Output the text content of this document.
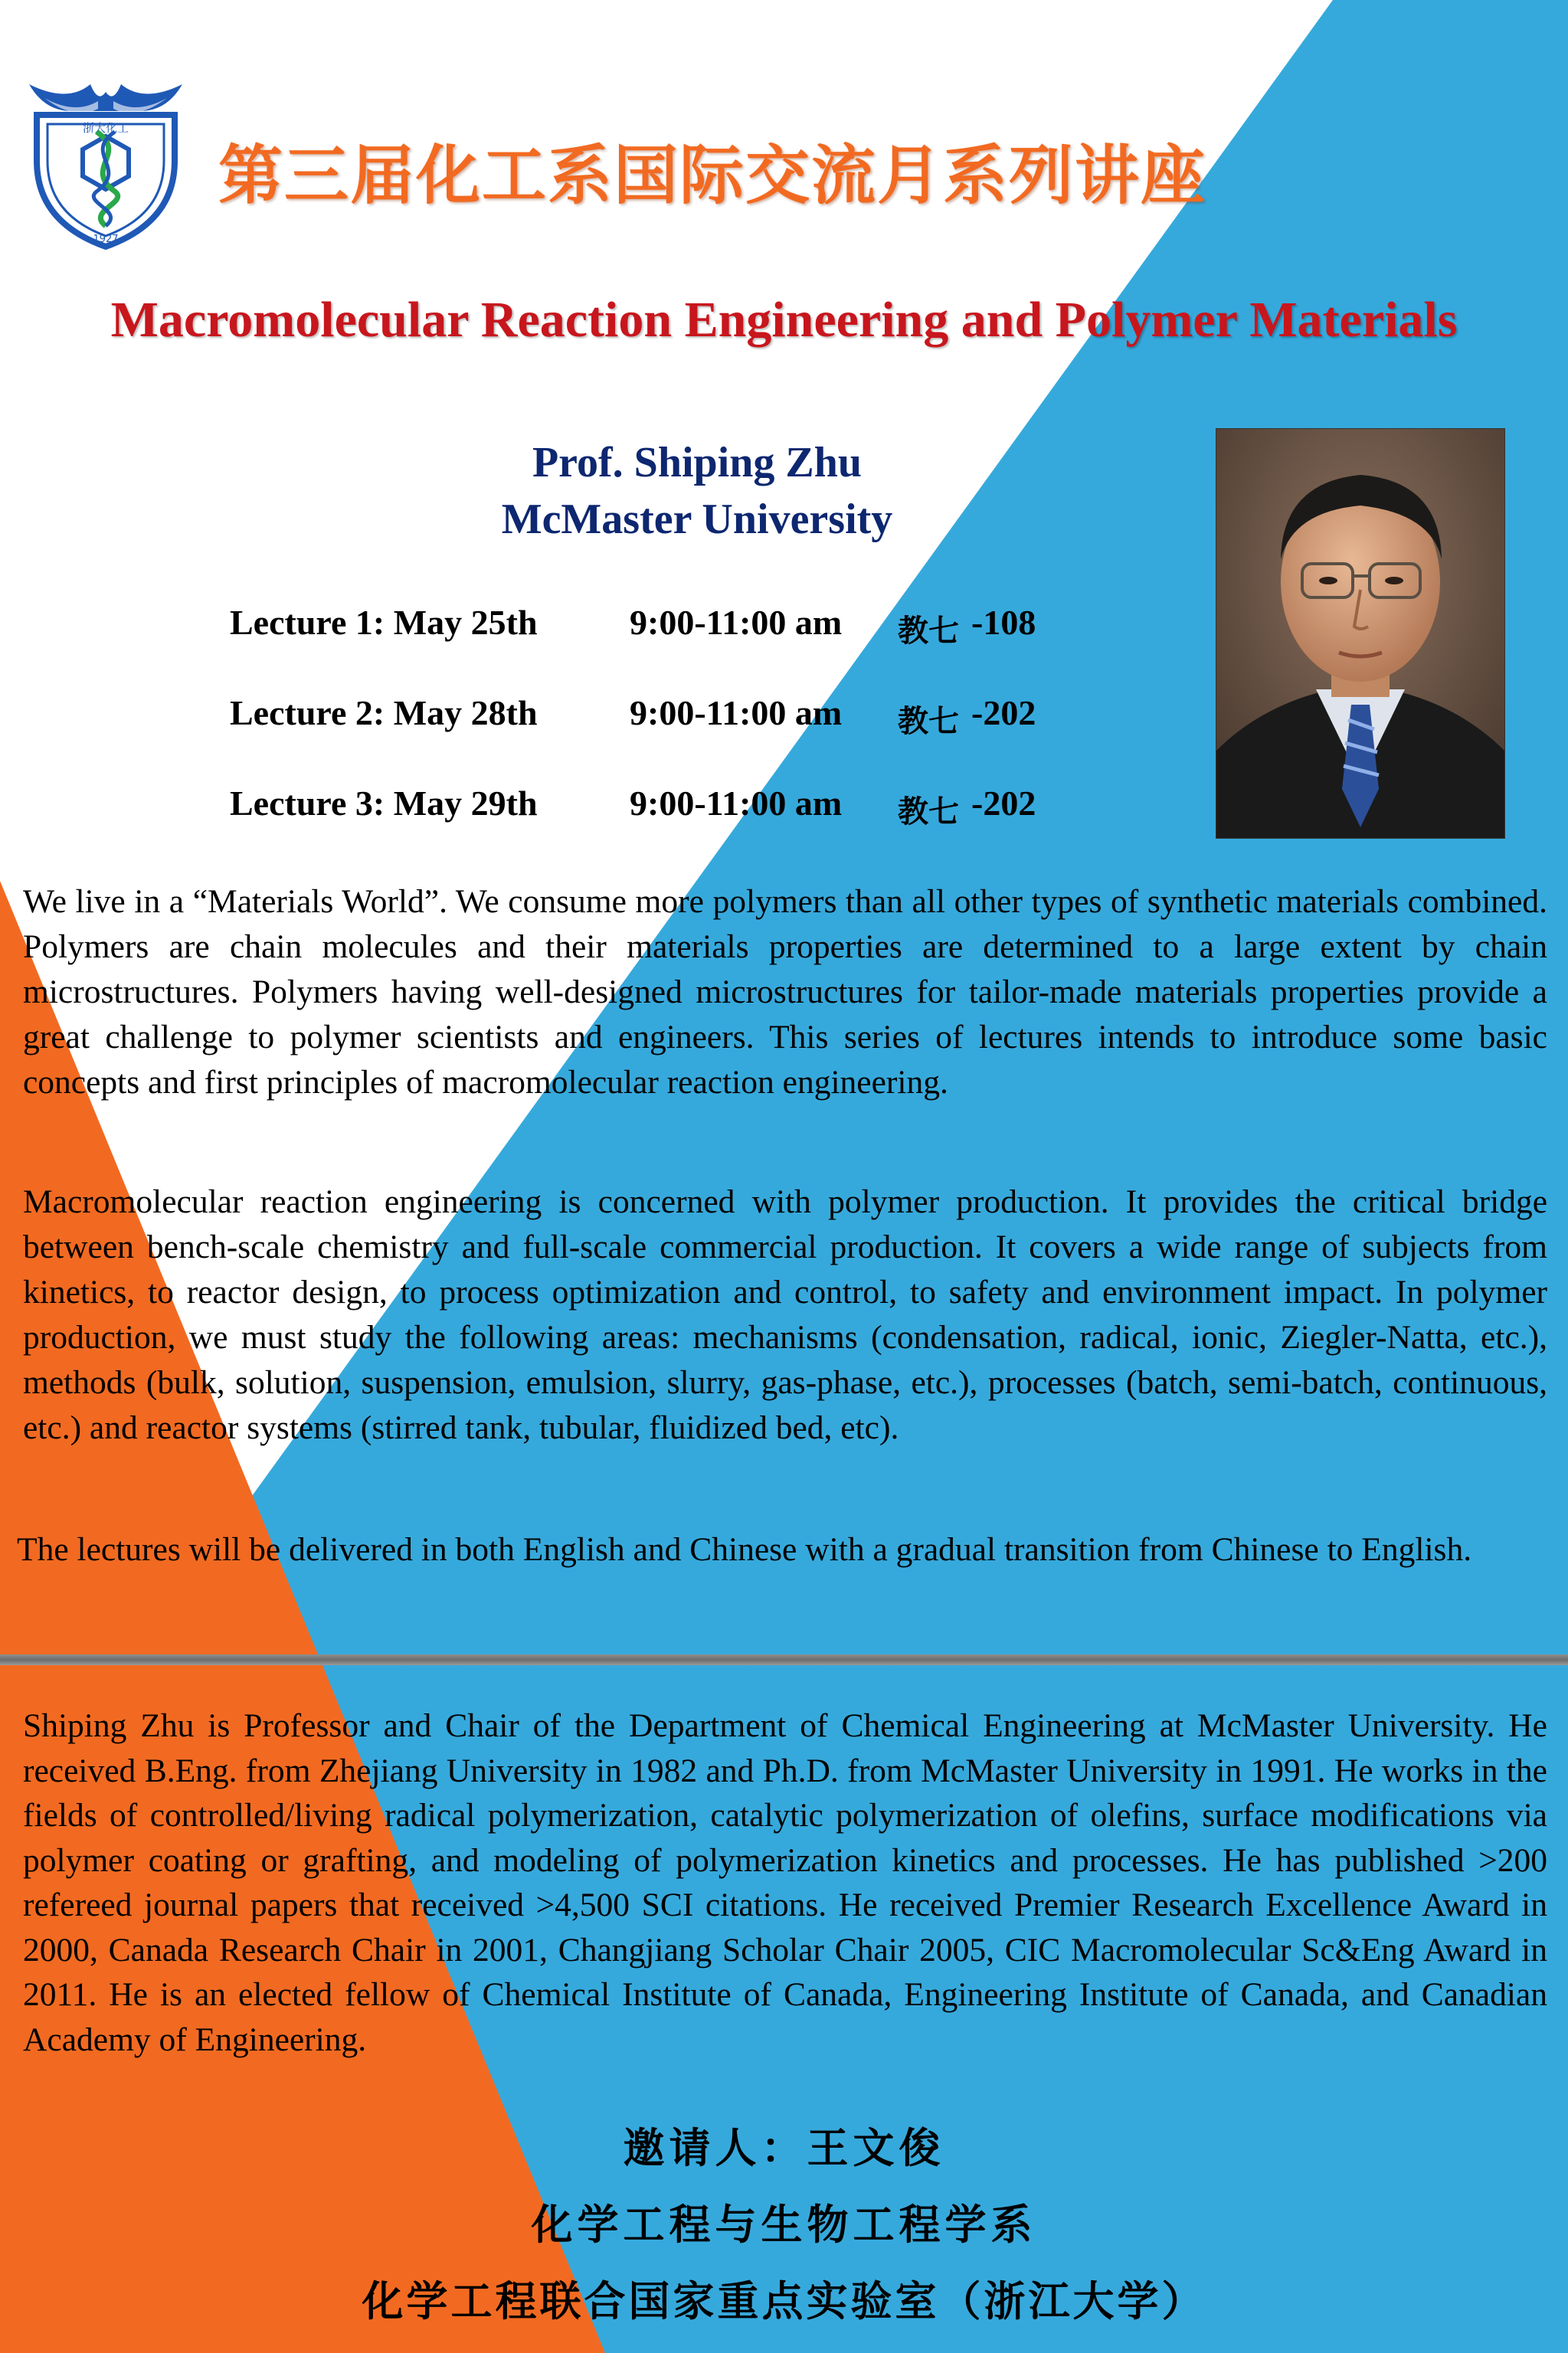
1927
浙大化工
第三届化工系国际交流月系列讲座
Macromolecular Reaction Engineering and Polymer Materials
Prof. Shiping Zhu
McMaster University
Lecture 1: May 25th	9:00-11:00 am 教七 -108
Lecture 2: May 28th	9:00-11:00 am 教七 -202
Lecture 3: May 29th	9:00-11:00 am 教七 -202
We live in a “Materials World”. We consume more polymers than all other types of synthetic materials combined. Polymers are chain molecules and their materials properties are determined to a large extent by chain microstructures. Polymers having well-designed microstructures for tailor-made materials properties provide a great challenge to polymer scientists and engineers. This series of lectures intends to introduce some basic concepts and first principles of macromolecular reaction engineering.
Macromolecular reaction engineering is concerned with polymer production. It provides the critical bridge between bench-scale chemistry and full-scale commercial production. It covers a wide range of subjects from kinetics, to reactor design, to process optimization and control, to safety and environment impact. In polymer production, we must study the following areas: mechanisms (condensation, radical, ionic, Ziegler-Natta, etc.), methods (bulk, solution, suspension, emulsion, slurry, gas-phase, etc.), processes (batch, semi-batch, continuous, etc.) and reactor systems (stirred tank, tubular, fluidized bed, etc).
The lectures will be delivered in both English and Chinese with a gradual transition from Chinese to English.
Shiping Zhu is Professor and Chair of the Department of Chemical Engineering at McMaster University. He received B.Eng. from Zhejiang University in 1982 and Ph.D. from McMaster University in 1991. He works in the fields of controlled/living radical polymerization, catalytic polymerization of olefins, surface modifications via polymer coating or grafting, and modeling of polymerization kinetics and processes. He has published >200 refereed journal papers that received >4,500 SCI citations. He received Premier Research Excellence Award in 2000, Canada Research Chair in 2001, Changjiang Scholar Chair 2005, CIC Macromolecular Sc&Eng Award in 2011. He is an elected fellow of Chemical Institute of Canada, Engineering Institute of Canada, and Canadian Academy of Engineering.
邀请人：王文俊
化学工程与生物工程学系
化学工程联合国家重点实验室（浙江大学）
